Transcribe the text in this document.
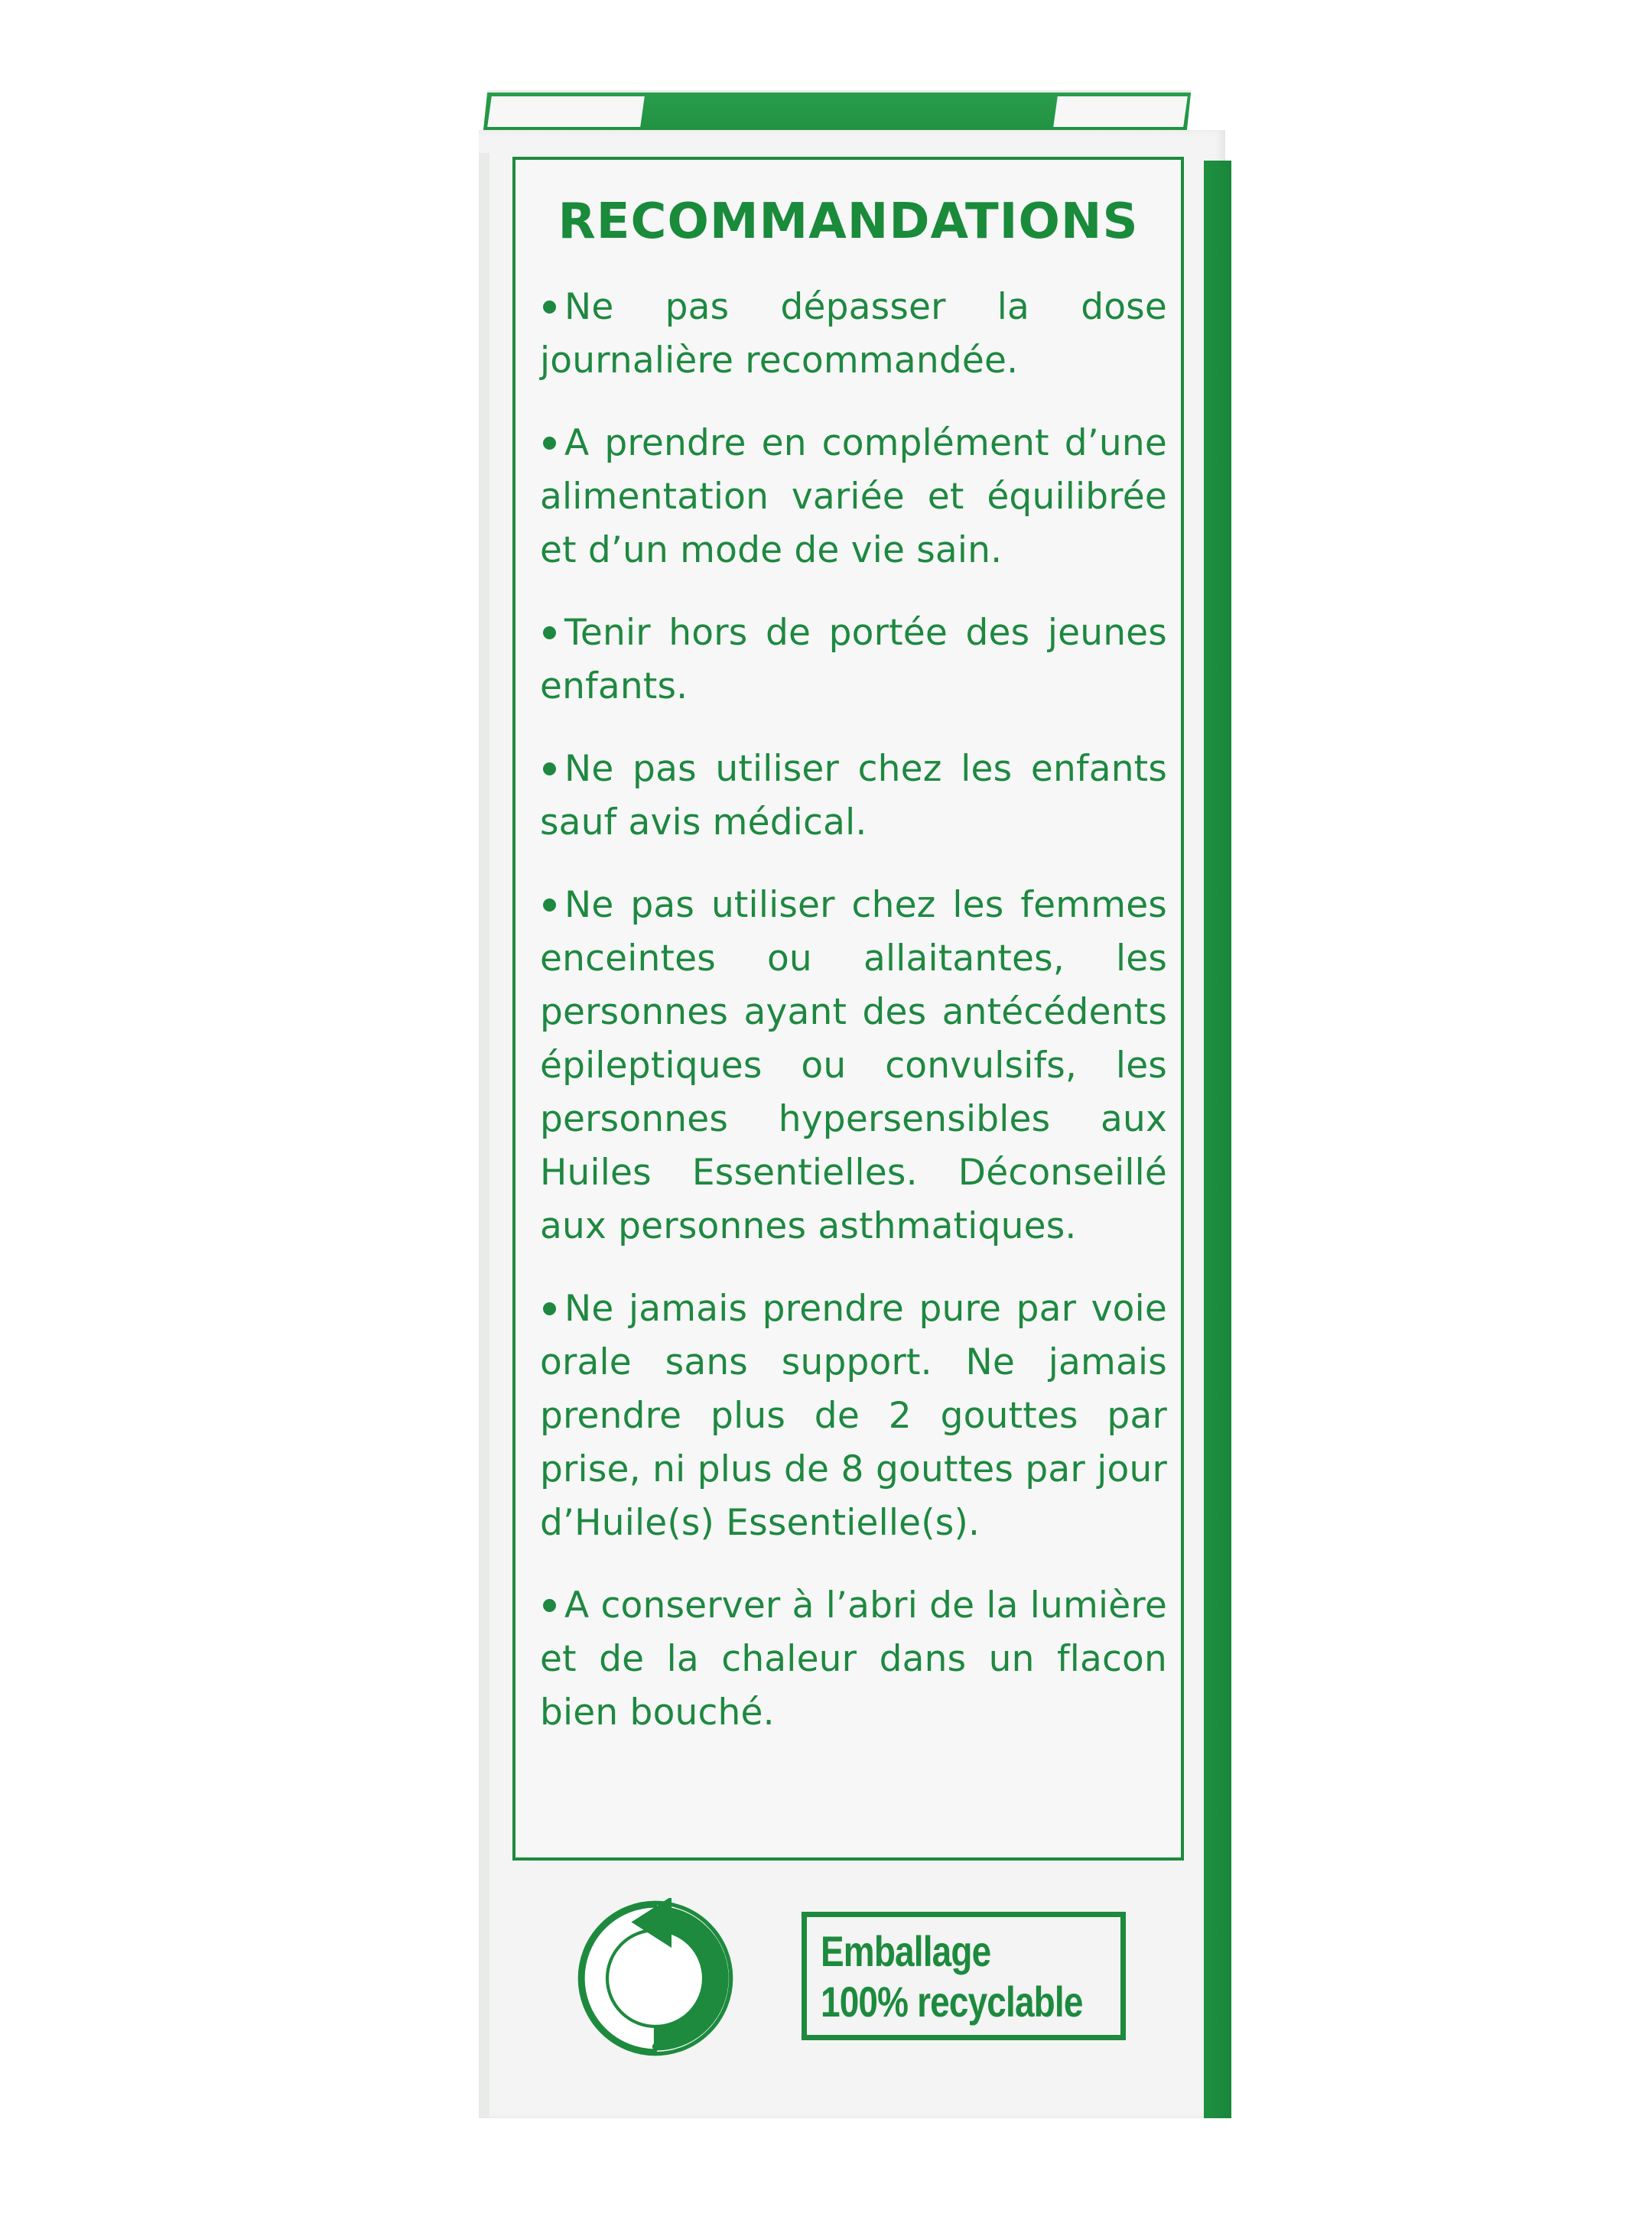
RECOMMANDATIONS
Ne pas dépasser la dose journalière recommandée.
A prendre en complément d’une alimentation variée et équilibrée et d’un mode de vie sain.
Tenir hors de portée des jeunes enfants.
Ne pas utiliser chez les enfants sauf avis médical.
Ne pas utiliser chez les femmes enceintes ou allaitantes, les personnes ayant des antécédents épileptiques ou convulsifs, les personnes hypersensibles aux Huiles Essentielles. Déconseillé aux personnes asthmatiques.
Ne jamais prendre pure par voie orale sans support. Ne jamais prendre plus de 2 gouttes par prise, ni plus de 8 gouttes par jour d’Huile(s) Essentielle(s).
A conserver à l’abri de la lumière et de la chaleur dans un flacon bien bouché.
Emballage
100% recyclable
